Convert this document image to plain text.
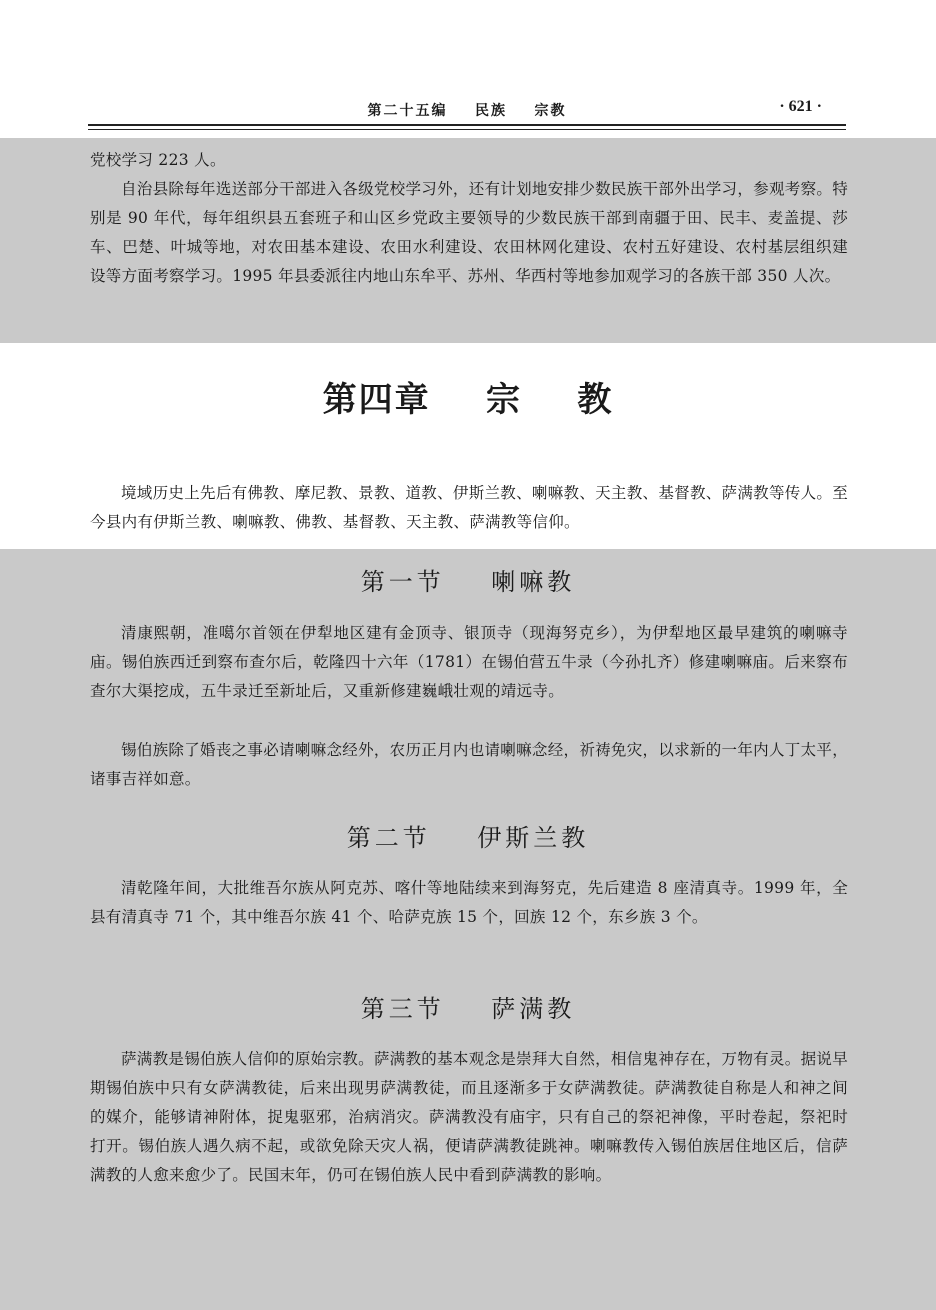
第二十五编    民族    宗教	· 621 ·

党校学习 223 人。

自治县除每年选送部分干部进入各级党校学习外，还有计划地安排少数民族干部外出学习，参观考察。特别是 90 年代，每年组织县五套班子和山区乡党政主要领导的少数民族干部到南疆于田、民丰、麦盖提、莎车、巴楚、叶城等地，对农田基本建设、农田水利建设、农田林网化建设、农村五好建设、农村基层组织建设等方面考察学习。1995 年县委派往内地山东牟平、苏州、华西村等地参加观学习的各族干部 350 人次。

第四章    宗    教

境域历史上先后有佛教、摩尼教、景教、道教、伊斯兰教、喇嘛教、天主教、基督教、萨满教等传人。至今县内有伊斯兰教、喇嘛教、佛教、基督教、天主教、萨满教等信仰。

第一节    喇嘛教

清康熙朝，准噶尔首领在伊犁地区建有金顶寺、银顶寺（现海努克乡），为伊犁地区最早建筑的喇嘛寺庙。锡伯族西迁到察布查尔后，乾隆四十六年（1781）在锡伯营五牛录（今孙扎齐）修建喇嘛庙。后来察布查尔大渠挖成，五牛录迁至新址后，又重新修建巍峨壮观的靖远寺。

锡伯族除了婚丧之事必请喇嘛念经外，农历正月内也请喇嘛念经，祈祷免灾，以求新的一年内人丁太平，诸事吉祥如意。

第二节    伊斯兰教

清乾隆年间，大批维吾尔族从阿克苏、喀什等地陆续来到海努克，先后建造 8 座清真寺。1999 年，全县有清真寺 71 个，其中维吾尔族 41 个、哈萨克族 15 个，回族 12 个，东乡族 3 个。

第三节    萨满教

萨满教是锡伯族人信仰的原始宗教。萨满教的基本观念是崇拜大自然，相信鬼神存在，万物有灵。据说早期锡伯族中只有女萨满教徒，后来出现男萨满教徒，而且逐渐多于女萨满教徒。萨满教徒自称是人和神之间的媒介，能够请神附体，捉鬼驱邪，治病消灾。萨满教没有庙宇，只有自己的祭祀神像，平时卷起，祭祀时打开。锡伯族人遇久病不起，或欲免除天灾人祸，便请萨满教徒跳神。喇嘛教传入锡伯族居住地区后，信萨满教的人愈来愈少了。民国末年，仍可在锡伯族人民中看到萨满教的影响。
